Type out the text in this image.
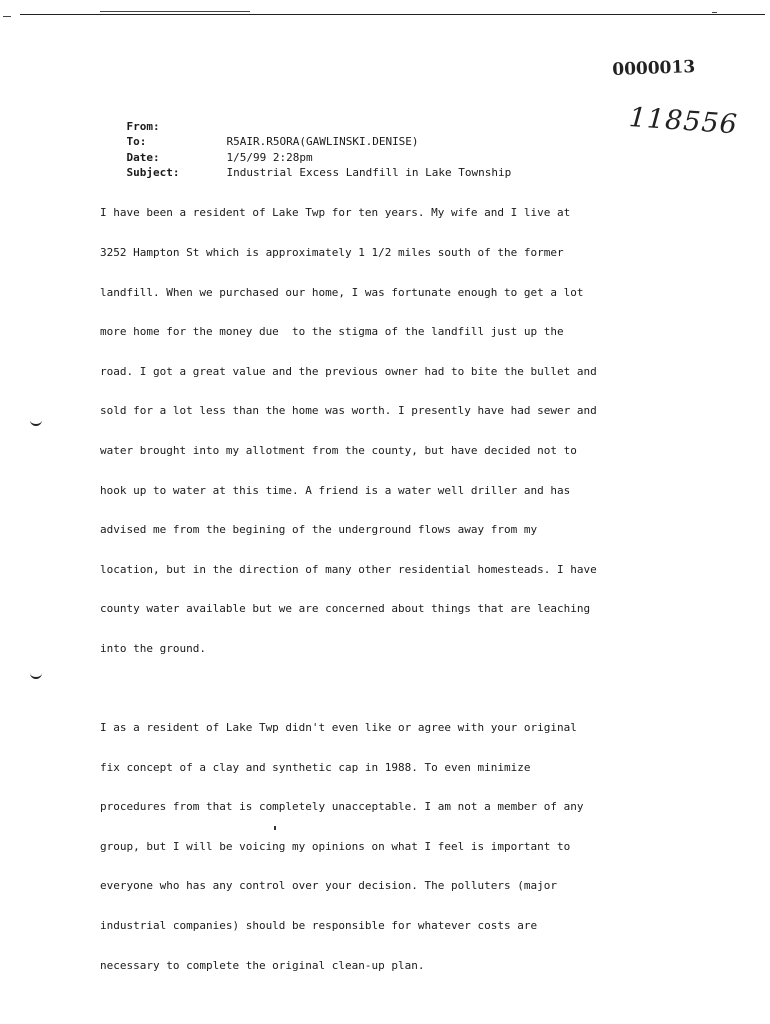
0000013
118556

From:

To:	R5AIR.R5ORA(GAWLINSKI.DENISE)

Date:	1/5/99 2:28pm

Subject:	Industrial Excess Landfill in Lake Township

I have been a resident of Lake Twp for ten years. My wife and I live at

3252 Hampton St which is approximately 1 1/2 miles south of the former

landfill. When we purchased our home, I was fortunate enough to get a lot

more home for the money due  to the stigma of the landfill just up the

road. I got a great value and the previous owner had to bite the bullet and

sold for a lot less than the home was worth. I presently have had sewer and

water brought into my allotment from the county, but have decided not to

hook up to water at this time. A friend is a water well driller and has

advised me from the begining of the underground flows away from my

location, but in the direction of many other residential homesteads. I have

county water available but we are concerned about things that are leaching

into the ground.

I as a resident of Lake Twp didn't even like or agree with your original

fix concept of a clay and synthetic cap in 1988. To even minimize

procedures from that is completely unacceptable. I am not a member of any

group, but I will be voicing my opinions on what I feel is important to

everyone who has any control over your decision. The polluters (major

industrial companies) should be responsible for whatever costs are

necessary to complete the original clean-up plan.
